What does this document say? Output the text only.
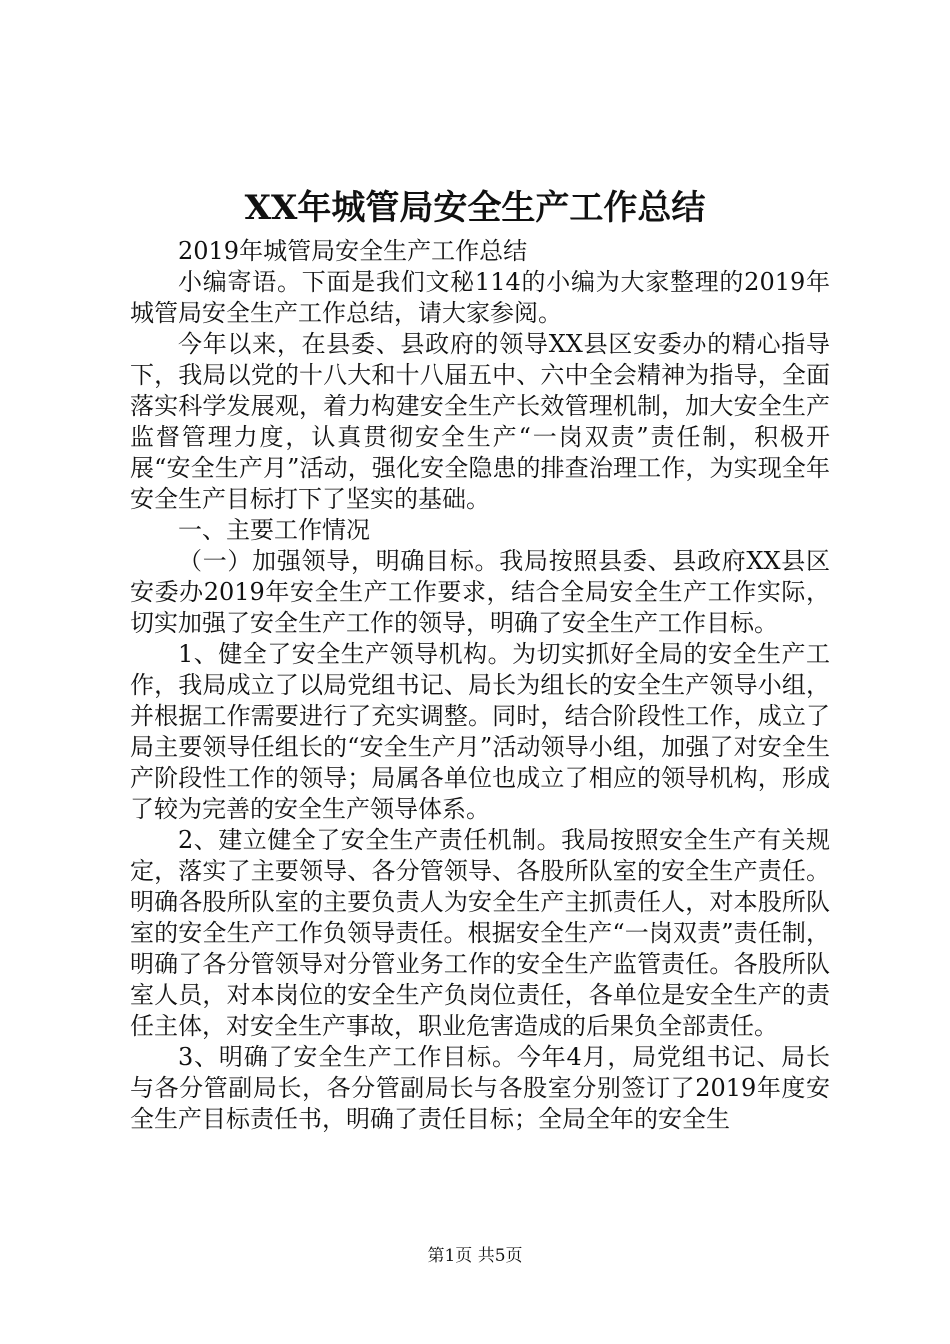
XX年城管局安全生产工作总结

2019年城管局安全生产工作总结

小编寄语。下面是我们文秘114的小编为大家整理的2019年城管局安全生产工作总结，请大家参阅。

今年以来，在县委、县政府的领导XX县区安委办的精心指导下，我局以党的十八大和十八届五中、六中全会精神为指导，全面落实科学发展观，着力构建安全生产长效管理机制，加大安全生产监督管理力度，认真贯彻安全生产“一岗双责”责任制，积极开展“安全生产月”活动，强化安全隐患的排查治理工作，为实现全年安全生产目标打下了坚实的基础。

一、主要工作情况

（一）加强领导，明确目标。我局按照县委、县政府XX县区安委办2019年安全生产工作要求，结合全局安全生产工作实际，切实加强了安全生产工作的领导，明确了安全生产工作目标。

1、健全了安全生产领导机构。为切实抓好全局的安全生产工作，我局成立了以局党组书记、局长为组长的安全生产领导小组，并根据工作需要进行了充实调整。同时，结合阶段性工作，成立了局主要领导任组长的“安全生产月”活动领导小组，加强了对安全生产阶段性工作的领导；局属各单位也成立了相应的领导机构，形成了较为完善的安全生产领导体系。

2、建立健全了安全生产责任机制。我局按照安全生产有关规定，落实了主要领导、各分管领导、各股所队室的安全生产责任。明确各股所队室的主要负责人为安全生产主抓责任人，对本股所队室的安全生产工作负领导责任。根据安全生产“一岗双责”责任制，明确了各分管领导对分管业务工作的安全生产监管责任。各股所队室人员，对本岗位的安全生产负岗位责任，各单位是安全生产的责任主体，对安全生产事故，职业危害造成的后果负全部责任。

3、明确了安全生产工作目标。今年4月，局党组书记、局长与各分管副局长，各分管副局长与各股室分别签订了2019年度安全生产目标责任书，明确了责任目标；全局全年的安全生

第1页 共5页
